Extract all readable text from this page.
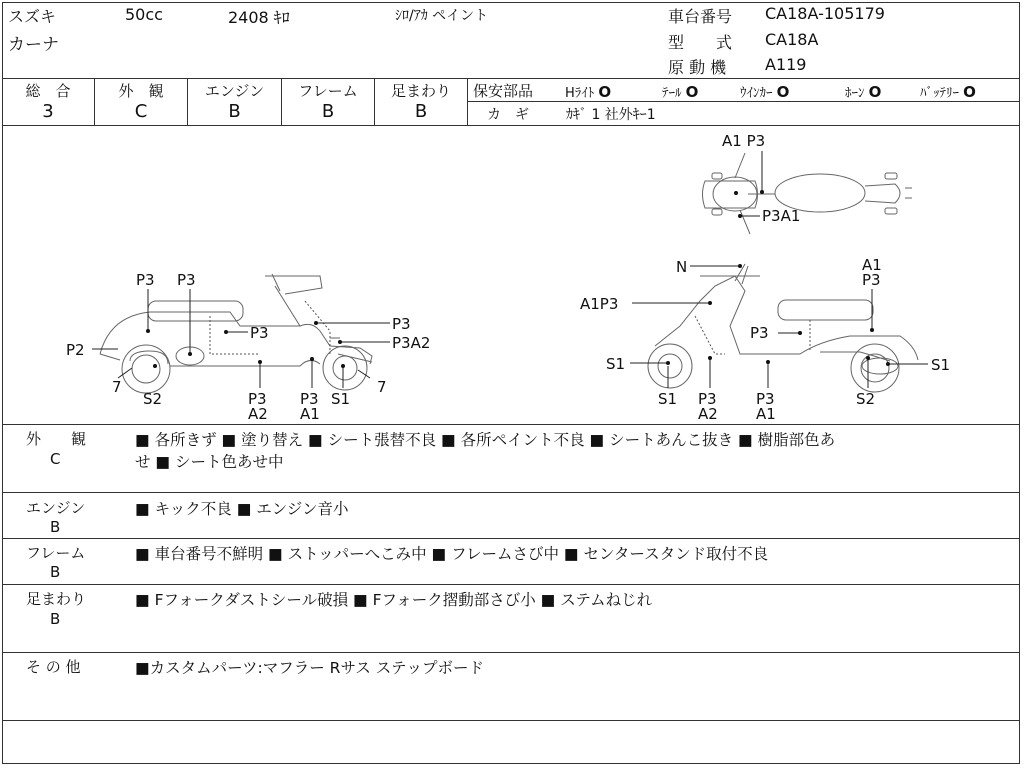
スズキ	50cc	2408 ｷﾛ	ｼﾛ/ｱｶ ペイント
カーナ
車台番号 CA18A-105179
型　　式 CA18A
原 動 機 A119
総　合
3
外　観
C
エンジン
B
フレーム
B
足まわり
B
保安部品 Hﾗｲﾄ O	ﾃｰﾙ O	ｳｲﾝｶｰ O	ﾎｰﾝ O	ﾊﾞｯﾃﾘｰ O
カ　ギ	ｶｷﾞ 1 社外ｷｰ1
A1 P3
P3A1
P3 P3
P2
P3	P3
P3A2
7
S2	P3
A2
P3
A1
S1
7
N	A1
P3
A1P3
P3
S1	S1
S1 P3
A2
P3
A1
S2
外　　観
C
■ 各所きず ■ 塗り替え ■ シート張替不良 ■ 各所ペイント不良 ■ シートあんこ抜き ■ 樹脂部色あ
せ ■ シート色あせ中
エンジン
B
■ キック不良 ■ エンジン音小
フレーム
B
■ 車台番号不鮮明 ■ ストッパーへこみ中 ■ フレームさび中 ■ センタースタンド取付不良
足まわり
B
■ Fフォークダストシール破損 ■ Fフォーク摺動部さび小 ■ ステムねじれ
そ の 他	■カスタムパーツ:マフラー Rサス ステップボード
